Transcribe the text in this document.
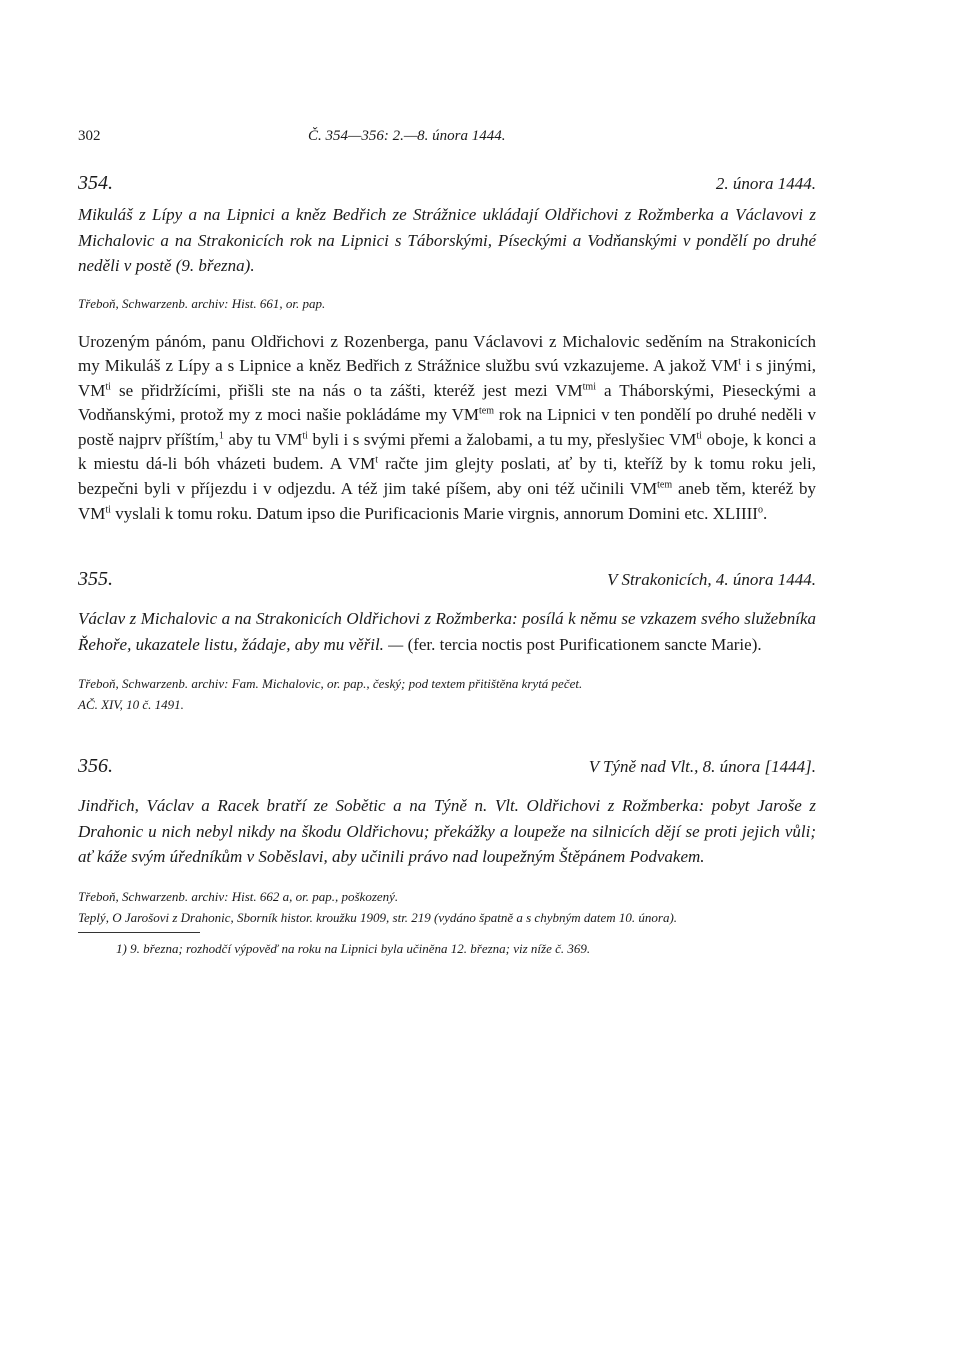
302	Č. 354—356: 2.—8. února 1444.
354.	2. února 1444.

Mikuláš z Lípy a na Lipnici a kněz Bedřich ze Strážnice ukládají Oldřichovi z Rožmberka a Václavovi z Michalovic a na Strakonicích rok na Lipnici s Táborskými, Píseckými a Vodňanskými v pondělí po druhé neděli v postě (9. března).

Třeboň, Schwarzenb. archiv: Hist. 661, or. pap.

Urozeným pánóm, panu Oldřichovi z Rozenberga, panu Václavovi z Michalovic seděním na Strakonicích my Mikuláš z Lípy a s Lipnice a kněz Bedřich z Strážnice službu svú vzkazujeme. A jakož $VM^t$ i s jinými, $VM^{ti}$ se přidržícími, přišli ste na nás o ta zášti, kteréž jest mezi $VM^{tmi}$ a Tháborskými, Pieseckými a Vodňanskými, protož my z moci našie pokládáme my $VM^{tem}$ rok na Lipnici v ten pondělí po druhé neděli v postě najprv příštím,$^1$ aby tu $VM^{ti}$ byli i s svými přemi a žalobami, a tu my, přeslyšiec $VM^{ti}$ oboje, k konci a k miestu dá-li bóh vházeti budem. A $VM^t$ račte jim glejty poslati, ať by ti, kteříž by k tomu roku jeli, bezpečni byli v příjezdu i v odjezdu. A též jim také píšem, aby oni též učinili $VM^{tem}$ aneb těm, kteréž by $VM^{ti}$ vyslali k tomu roku. Datum ipso die Purificacionis Marie virgnis, annorum Domini etc. XLIIII$^o$.

355.	V Strakonicích, 4. února 1444.

Václav z Michalovic a na Strakonicích Oldřichovi z Rožmberka: posílá k němu se vzkazem svého služebníka Řehoře, ukazatele listu, žádaje, aby mu věřil. — (fer. tercia noctis post Purificationem sancte Marie).

Třeboň, Schwarzenb. archiv: Fam. Michalovic, or. pap., český; pod textem přitištěna krytá pečet.

AČ. XIV, 10 č. 1491.

356.	V Týně nad Vlt., 8. února [1444].

Jindřich, Václav a Racek bratří ze Sobětic a na Týně n. Vlt. Oldřichovi z Rožmberka: pobyt Jaroše z Drahonic u nich nebyl nikdy na škodu Oldřichovu; překážky a loupeže na silnicích dějí se proti jejich vůli; ať káže svým úředníkům v Soběslavi, aby učinili právo nad loupežným Štěpánem Podvakem.

Třeboň, Schwarzenb. archiv: Hist. 662 a, or. pap., poškozený.

Teplý, O Jarošovi z Drahonic, Sborník histor. kroužku 1909, str. 219 (vydáno špatně a s chybným datem 10. února).

1) 9. března; rozhodčí výpověď na roku na Lipnici byla učiněna 12. března; viz níže č. 369.
